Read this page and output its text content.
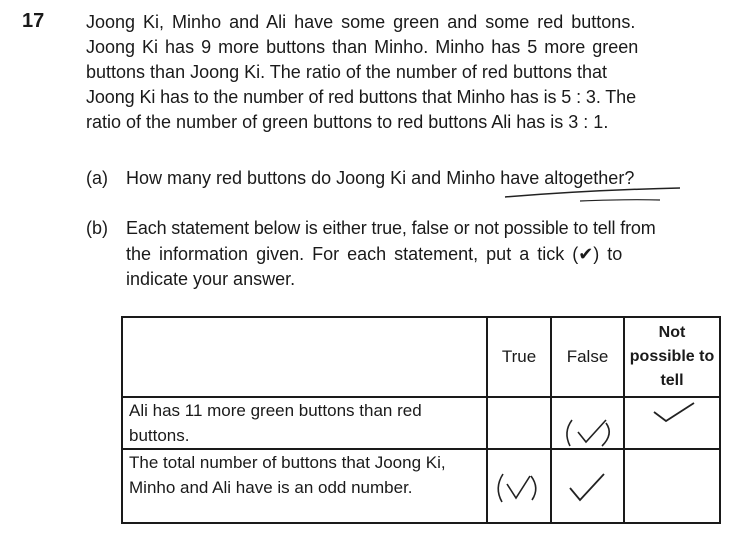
17 Joong Ki, Minho and Ali have some green and some red buttons.
Joong Ki has 9 more buttons than Minho. Minho has 5 more green
buttons than Joong Ki. The ratio of the number of red buttons that
Joong Ki has to the number of red buttons that Minho has is 5 : 3. The
ratio of the number of green buttons to red buttons Ali has is 3 : 1.
(a) How many red buttons do Joong Ki and Minho have altogether?
(b) Each statement below is either true, false or not possible to tell from
the information given. For each statement, put a tick (✔) to
indicate your answer.
	True	False	Not possible to tell
Ali has 11 more green buttons than red buttons.			
The total number of buttons that Joong Ki, Minho and Ali have is an odd number.			
